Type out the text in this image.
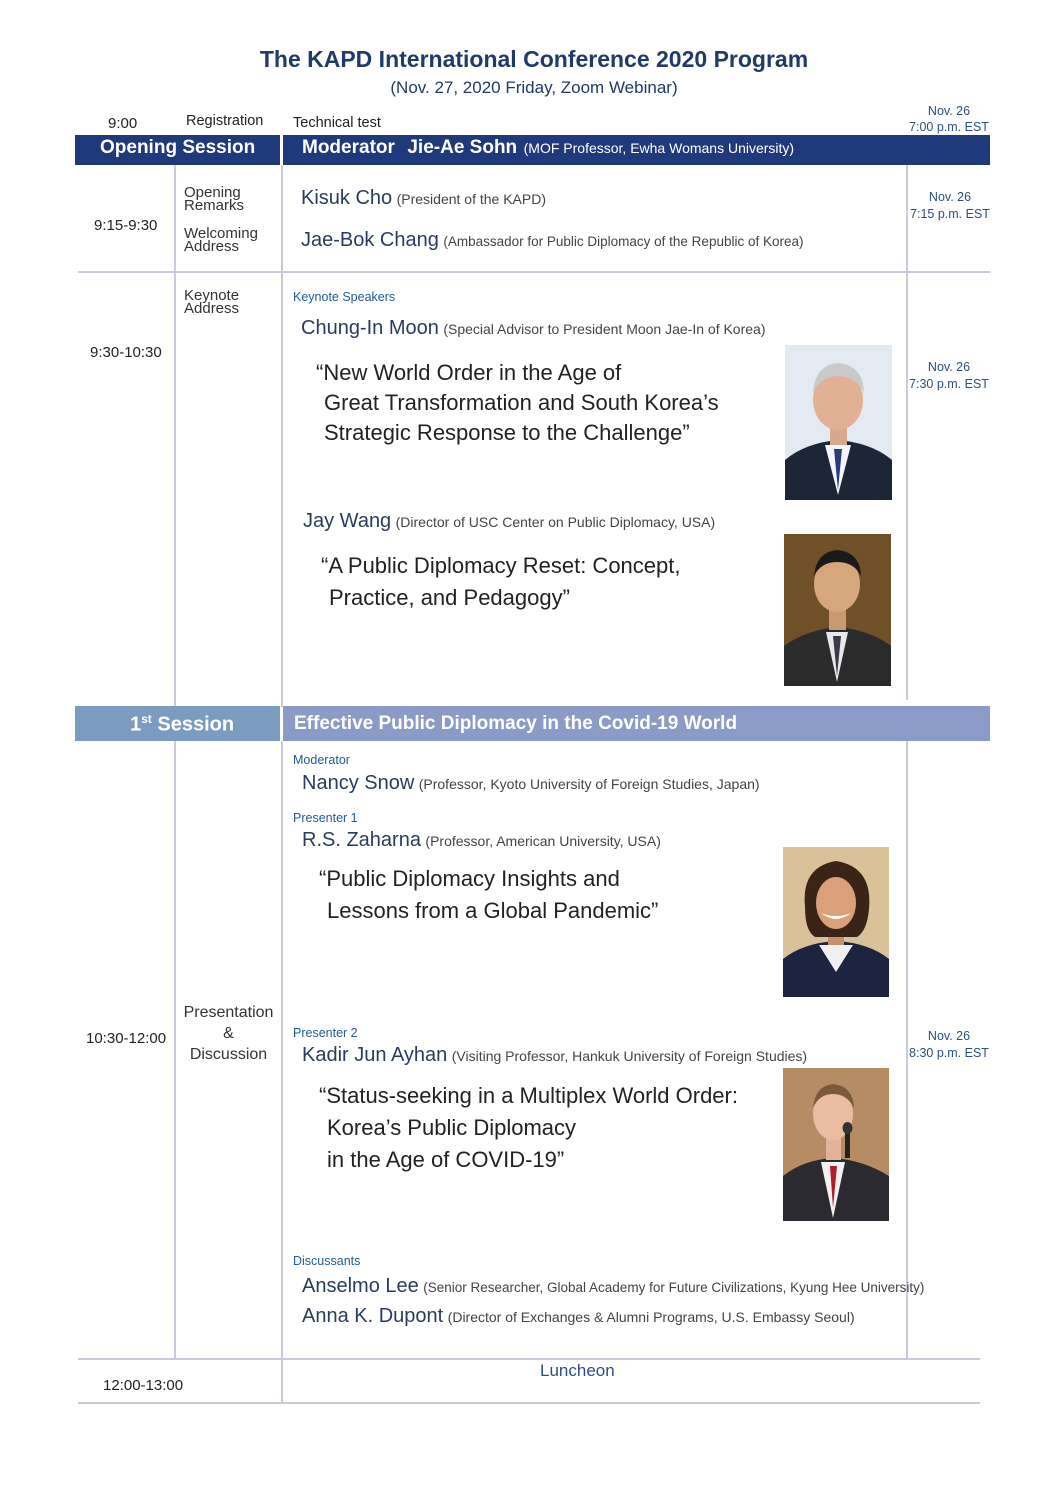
The KAPD International Conference 2020 Program
(Nov. 27, 2020 Friday, Zoom Webinar)
9:00	Registration Technical test
Nov. 26
7:00 p.m. EST
Opening Session Moderator Jie-Ae Sohn (MOF Professor, Ewha Womans University)
9:15-9:30
Opening Remarks
Welcoming Address
Kisuk Cho (President of the KAPD)
Jae-Bok Chang (Ambassador for Public Diplomacy of the Republic of Korea)
Nov. 26
7:15 p.m. EST
9:30-10:30
Keynote Address
Keynote Speakers
Chung-In Moon (Special Advisor to President Moon Jae-In of Korea)
“New World Order in the Age of
Great Transformation and South Korea’s
Strategic Response to the Challenge”
Nov. 26
7:30 p.m. EST
Jay Wang (Director of USC Center on Public Diplomacy, USA)
“A Public Diplomacy Reset: Concept,
Practice, and Pedagogy”
1st Session	Effective Public Diplomacy in the Covid-19 World
10:30-12:00
Presentation
&
Discussion
Nov. 26
8:30 p.m. EST
Moderator
Nancy Snow (Professor, Kyoto University of Foreign Studies, Japan)
Presenter 1
R.S. Zaharna (Professor, American University, USA)
“Public Diplomacy Insights and
Lessons from a Global Pandemic”
Presenter 2
Kadir Jun Ayhan (Visiting Professor, Hankuk University of Foreign Studies)
“Status-seeking in a Multiplex World Order:
Korea’s Public Diplomacy
in the Age of COVID-19”
Discussants
Anselmo Lee (Senior Researcher, Global Academy for Future Civilizations, Kyung Hee University)
Anna K. Dupont (Director of Exchanges & Alumni Programs, U.S. Embassy Seoul)
12:00-13:00
Luncheon
